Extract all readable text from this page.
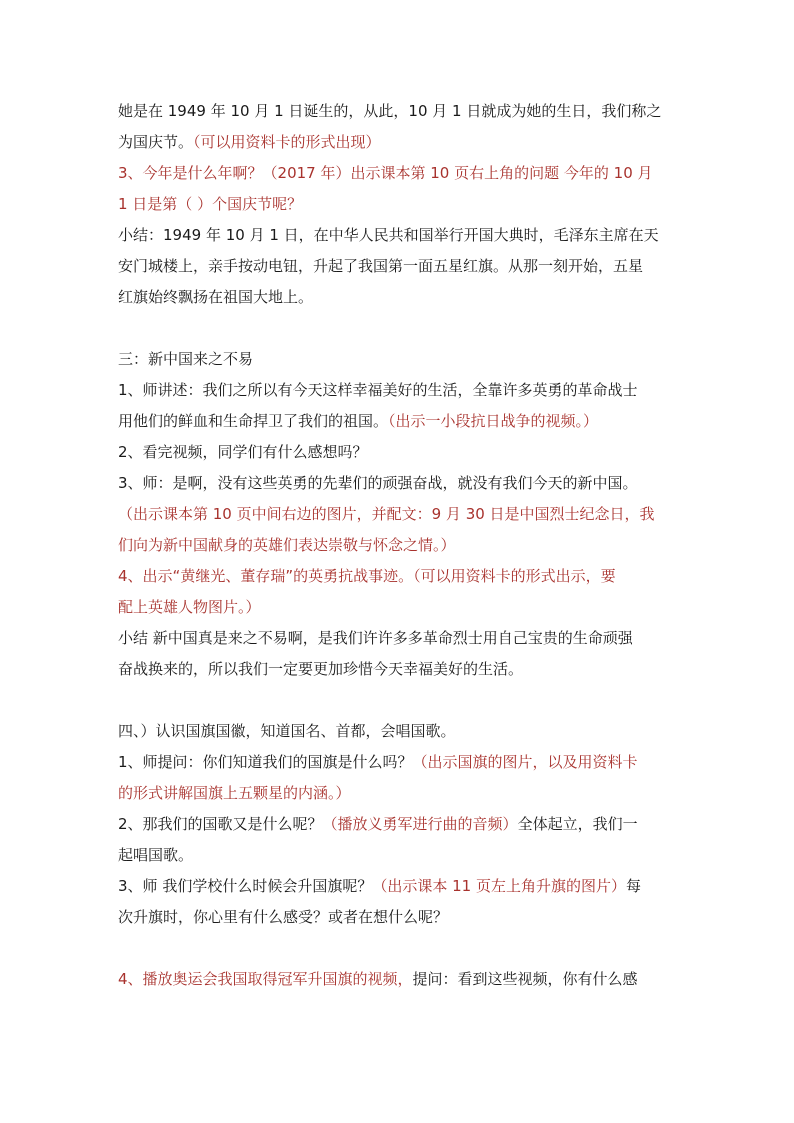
她是在 1949 年 10 月 1 日诞生的，从此，10 月 1 日就成为她的生日，我们称之
为国庆节。（可以用资料卡的形式出现）
3、今年是什么年啊？（2017 年）出示课本第 10 页右上角的问题 今年的 10 月
1 日是第（ ）个国庆节呢？
小结：1949 年 10 月 1 日，在中华人民共和国举行开国大典时，毛泽东主席在天
安门城楼上，亲手按动电钮，升起了我国第一面五星红旗。从那一刻开始，五星
红旗始终飘扬在祖国大地上。
三：新中国来之不易
1、师讲述：我们之所以有今天这样幸福美好的生活，全靠许多英勇的革命战士
用他们的鲜血和生命捍卫了我们的祖国。（出示一小段抗日战争的视频。）
2、看完视频，同学们有什么感想吗？
3、师：是啊，没有这些英勇的先辈们的顽强奋战，就没有我们今天的新中国。
（出示课本第 10 页中间右边的图片，并配文：9 月 30 日是中国烈士纪念日，我
们向为新中国献身的英雄们表达崇敬与怀念之情。）
4、出示“黄继光、董存瑞”的英勇抗战事迹。（可以用资料卡的形式出示，要
配上英雄人物图片。）
小结 新中国真是来之不易啊，是我们许许多多革命烈士用自己宝贵的生命顽强
奋战换来的，所以我们一定要更加珍惜今天幸福美好的生活。
四、）认识国旗国徽，知道国名、首都，会唱国歌。
1、师提问：你们知道我们的国旗是什么吗？（出示国旗的图片，以及用资料卡
的形式讲解国旗上五颗星的内涵。）
2、那我们的国歌又是什么呢？（播放义勇军进行曲的音频）全体起立，我们一
起唱国歌。
3、师 我们学校什么时候会升国旗呢？（出示课本 11 页左上角升旗的图片）每
次升旗时，你心里有什么感受？或者在想什么呢？
4、播放奥运会我国取得冠军升国旗的视频，提问：看到这些视频，你有什么感
